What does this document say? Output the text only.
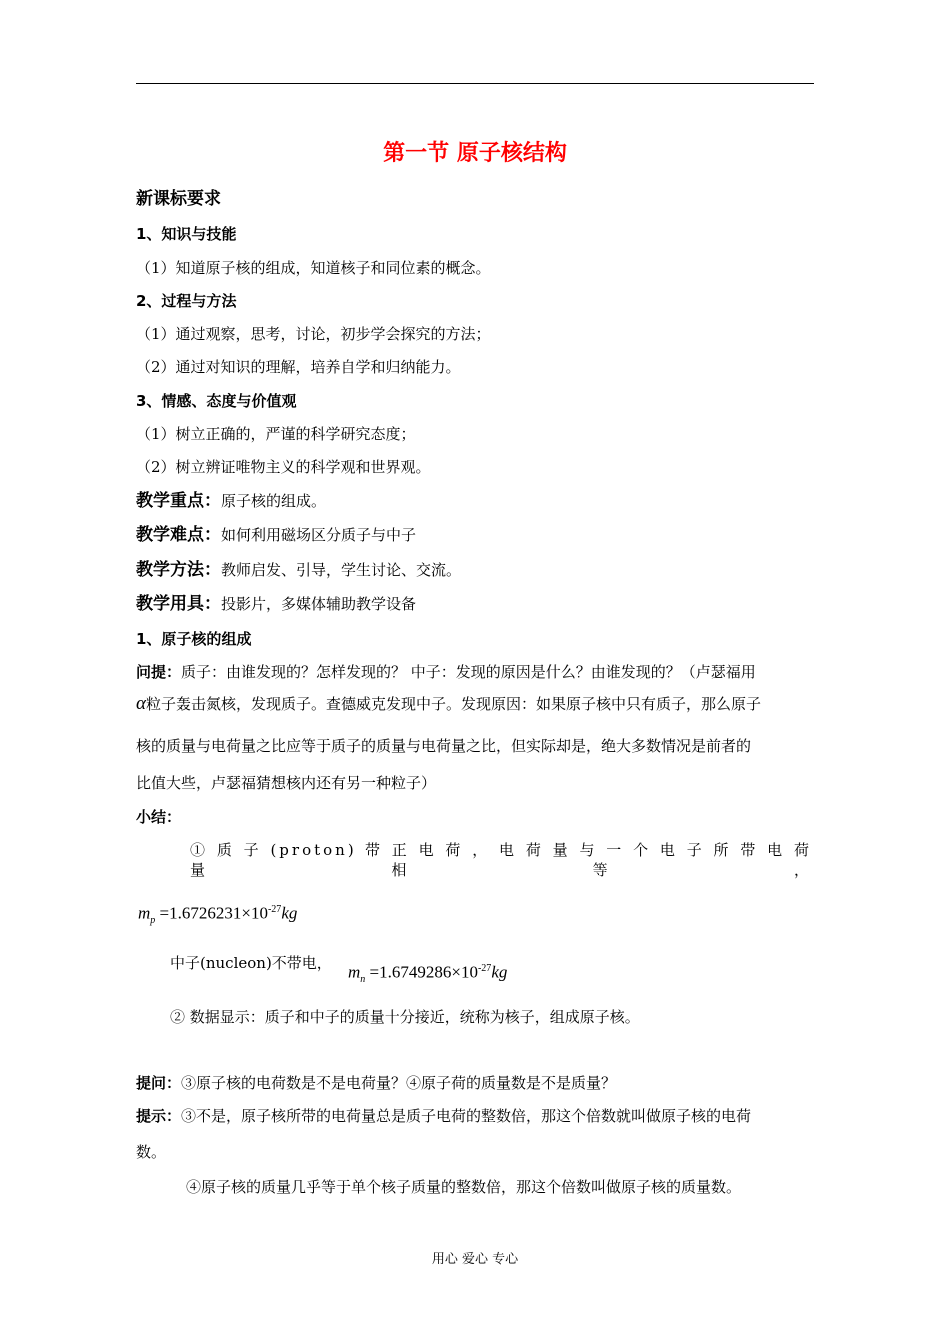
第一节 原子核结构
新课标要求
1、知识与技能
（1）知道原子核的组成，知道核子和同位素的概念。
2、过程与方法
（1）通过观察，思考，讨论，初步学会探究的方法；
（2）通过对知识的理解，培养自学和归纳能力。
3、情感、态度与价值观
（1）树立正确的，严谨的科学研究态度；
（2）树立辨证唯物主义的科学观和世界观。
教学重点：原子核的组成。
教学难点：如何利用磁场区分质子与中子
教学方法：教师启发、引导，学生讨论、交流。
教学用具：投影片，多媒体辅助教学设备
1、原子核的组成
问提：质子：由谁发现的？怎样发现的？ 中子：发现的原因是什么？由谁发现的？（卢瑟福用
α粒子轰击氮核，发现质子。查德威克发现中子。发现原因：如果原子核中只有质子，那么原子
核的质量与电荷量之比应等于质子的质量与电荷量之比，但实际却是，绝大多数情况是前者的
比值大些，卢瑟福猜想核内还有另一种粒子）
小结：
① 质 子 (proton) 带 正 电 荷 ， 电 荷 量 与 一 个 电 子 所 带 电 荷 量 相 等 ，
$m_p =1.6726231\times 10^{-27}kg$
中子(nucleon)不带电， $m_n =1.6749286\times 10^{-27}kg$
② 数据显示：质子和中子的质量十分接近，统称为核子，组成原子核。
提问：③原子核的电荷数是不是电荷量？④原子荷的质量数是不是质量？
提示：③不是，原子核所带的电荷量总是质子电荷的整数倍，那这个倍数就叫做原子核的电荷
数。
④原子核的质量几乎等于单个核子质量的整数倍，那这个倍数叫做原子核的质量数。
用心 爱心 专心
